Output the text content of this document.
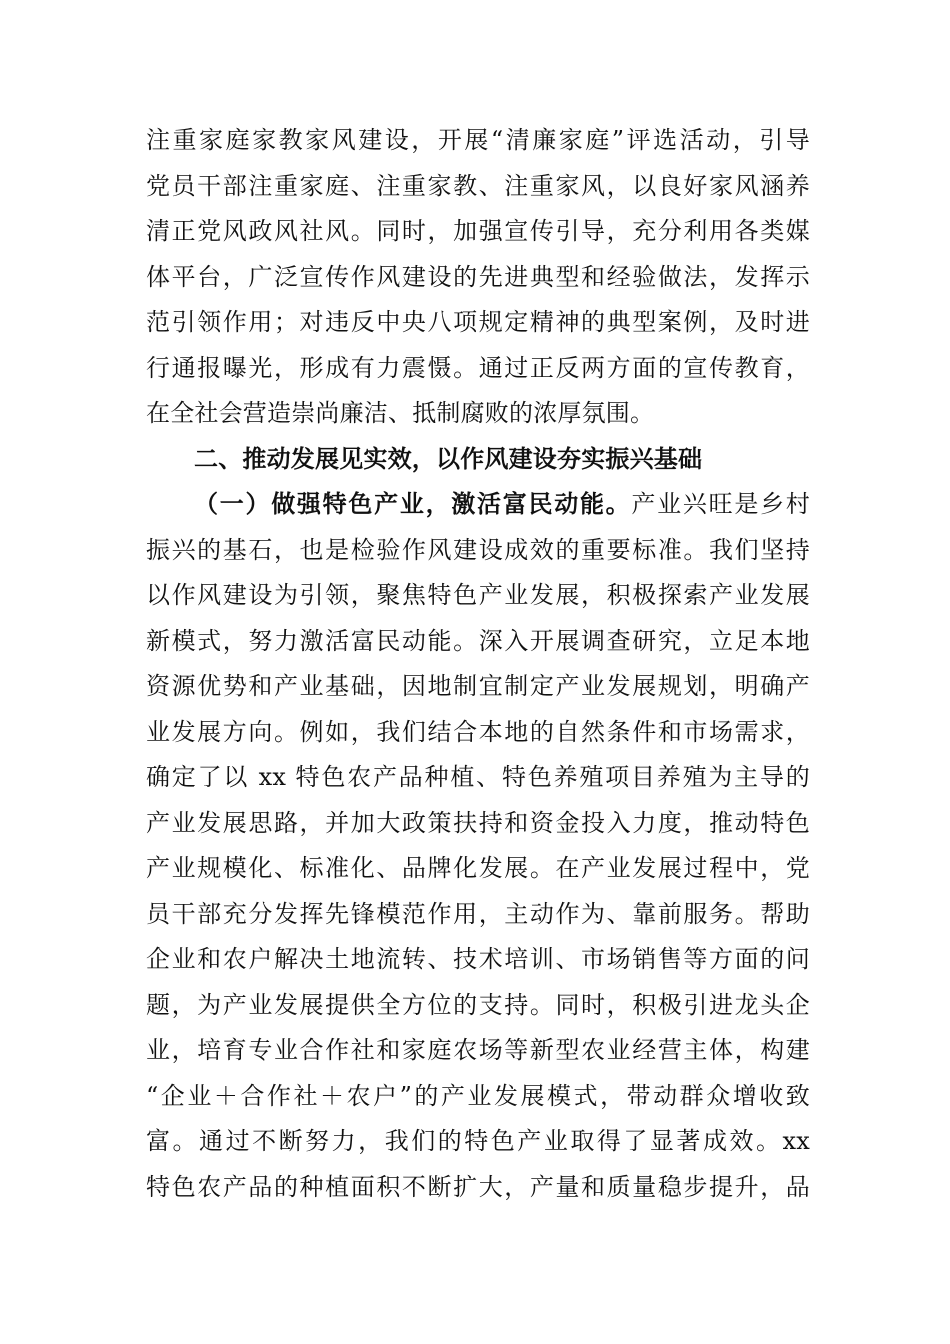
注重家庭家教家风建设，开展“清廉家庭”评选活动，引导
党员干部注重家庭、注重家教、注重家风，以良好家风涵养
清正党风政风社风。同时，加强宣传引导，充分利用各类媒
体平台，广泛宣传作风建设的先进典型和经验做法，发挥示
范引领作用；对违反中央八项规定精神的典型案例，及时进
行通报曝光，形成有力震慑。通过正反两方面的宣传教育，
在全社会营造崇尚廉洁、抵制腐败的浓厚氛围。
二、推动发展见实效，以作风建设夯实振兴基础
（一）做强特色产业，激活富民动能。产业兴旺是乡村
振兴的基石，也是检验作风建设成效的重要标准。我们坚持
以作风建设为引领，聚焦特色产业发展，积极探索产业发展
新模式，努力激活富民动能。深入开展调查研究，立足本地
资源优势和产业基础，因地制宜制定产业发展规划，明确产
业发展方向。例如，我们结合本地的自然条件和市场需求，
确定了以 xx 特色农产品种植、特色养殖项目养殖为主导的
产业发展思路，并加大政策扶持和资金投入力度，推动特色
产业规模化、标准化、品牌化发展。在产业发展过程中，党
员干部充分发挥先锋模范作用，主动作为、靠前服务。帮助
企业和农户解决土地流转、技术培训、市场销售等方面的问
题，为产业发展提供全方位的支持。同时，积极引进龙头企
业，培育专业合作社和家庭农场等新型农业经营主体，构建
“企业＋合作社＋农户”的产业发展模式，带动群众增收致
富。通过不断努力，我们的特色产业取得了显著成效。xx
特色农产品的种植面积不断扩大，产量和质量稳步提升，品
